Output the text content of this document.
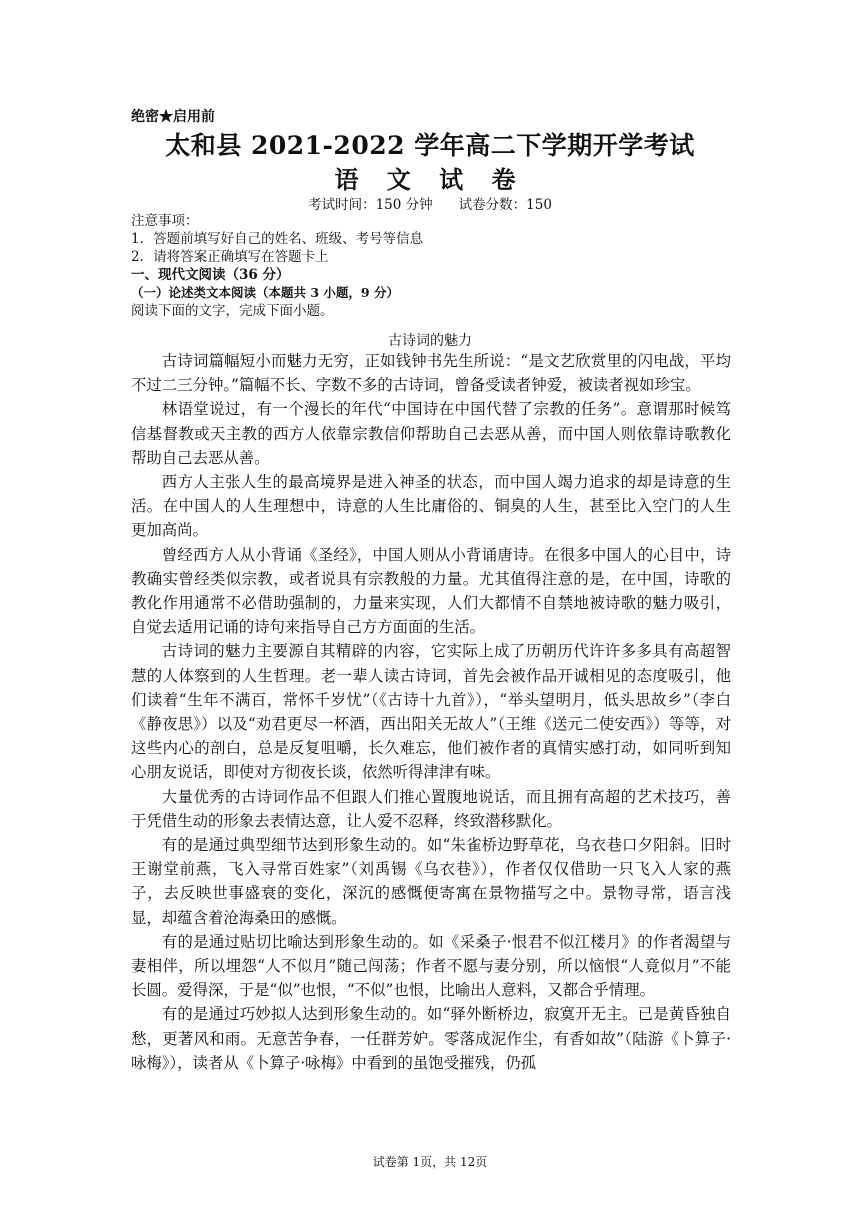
绝密★启用前
太和县 2021-2022 学年高二下学期开学考试
语 文 试 卷
考试时间：150 分钟 试卷分数：150
注意事项：
1．答题前填写好自己的姓名、班级、考号等信息
2．请将答案正确填写在答题卡上
一、现代文阅读（36 分）
（一）论述类文本阅读（本题共 3 小题，9 分）
阅读下面的文字，完成下面小题。
古诗词的魅力

古诗词篇幅短小而魅力无穷，正如钱钟书先生所说：“是文艺欣赏里的闪电战，平均不过二三分钟。”篇幅不长、字数不多的古诗词，曾备受读者钟爱，被读者视如珍宝。

林语堂说过，有一个漫长的年代“中国诗在中国代替了宗教的任务”。意谓那时候笃信基督教或天主教的西方人依靠宗教信仰帮助自己去恶从善，而中国人则依靠诗歌教化帮助自己去恶从善。

西方人主张人生的最高境界是进入神圣的状态，而中国人竭力追求的却是诗意的生活。在中国人的人生理想中，诗意的人生比庸俗的、铜臭的人生，甚至比入空门的人生更加高尚。

曾经西方人从小背诵《圣经》，中国人则从小背诵唐诗。在很多中国人的心目中，诗教确实曾经类似宗教，或者说具有宗教般的力量。尤其值得注意的是，在中国，诗歌的教化作用通常不必借助强制的，力量来实现，人们大都情不自禁地被诗歌的魅力吸引，自觉去适用记诵的诗句来指导自己方方面面的生活。

古诗词的魅力主要源自其精辟的内容，它实际上成了历朝历代许许多多具有高超智慧的人体察到的人生哲理。老一辈人读古诗词，首先会被作品开诚相见的态度吸引，他们读着“生年不满百，常怀千岁忧”（《古诗十九首》），“举头望明月，低头思故乡”（李白《静夜思》）以及“劝君更尽一杯酒，西出阳关无故人”（王维《送元二使安西》）等等，对这些内心的剖白，总是反复咀嚼，长久难忘，他们被作者的真情实感打动，如同听到知心朋友说话，即使对方彻夜长谈，依然听得津津有味。

大量优秀的古诗词作品不但跟人们推心置腹地说话，而且拥有高超的艺术技巧，善于凭借生动的形象去表情达意，让人爱不忍释，终致潜移默化。

有的是通过典型细节达到形象生动的。如“朱雀桥边野草花，乌衣巷口夕阳斜。旧时王谢堂前燕，飞入寻常百姓家”（刘禹锡《乌衣巷》），作者仅仅借助一只飞入人家的燕子，去反映世事盛衰的变化，深沉的感慨便寄寓在景物描写之中。景物寻常，语言浅显，却蕴含着沧海桑田的感慨。

有的是通过贴切比喻达到形象生动的。如《采桑子·恨君不似江楼月》的作者渴望与妻相伴，所以埋怨“人不似月”随己闯荡；作者不愿与妻分别，所以恼恨“人竟似月”不能长圆。爱得深，于是“似”也恨，“不似”也恨，比喻出人意料，又都合乎情理。

有的是通过巧妙拟人达到形象生动的。如“驿外断桥边，寂寞开无主。已是黄昏独自愁，更著风和雨。无意苦争春，一任群芳妒。零落成泥作尘，有香如故”（陆游《卜算子·咏梅》），读者从《卜算子·咏梅》中看到的虽饱受摧残，仍孤

试卷第 1页，共 12页
